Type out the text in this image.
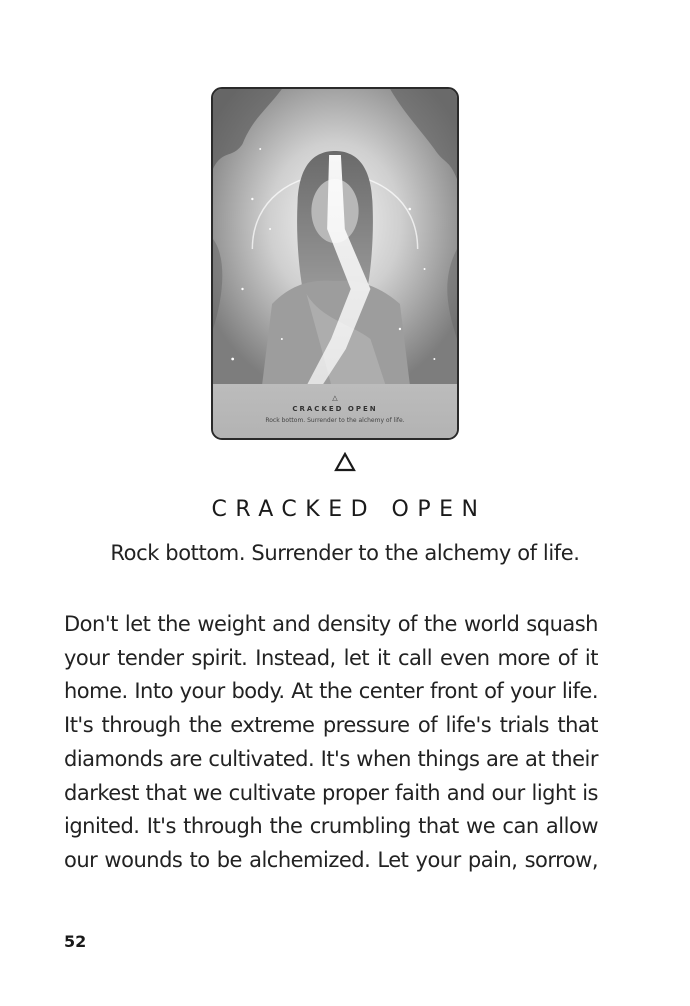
△
CRACKED OPEN
Rock bottom. Surrender to the alchemy of life.
CRACKED OPEN
Rock bottom. Surrender to the alchemy of life.
Don't let the weight and density of the world squash
your tender spirit. Instead, let it call even more of it
home. Into your body. At the center front of your life.
It's through the extreme pressure of life's trials that
diamonds are cultivated. It's when things are at their
darkest that we cultivate proper faith and our light is
ignited. It's through the crumbling that we can allow
our wounds to be alchemized. Let your pain, sorrow,
52
